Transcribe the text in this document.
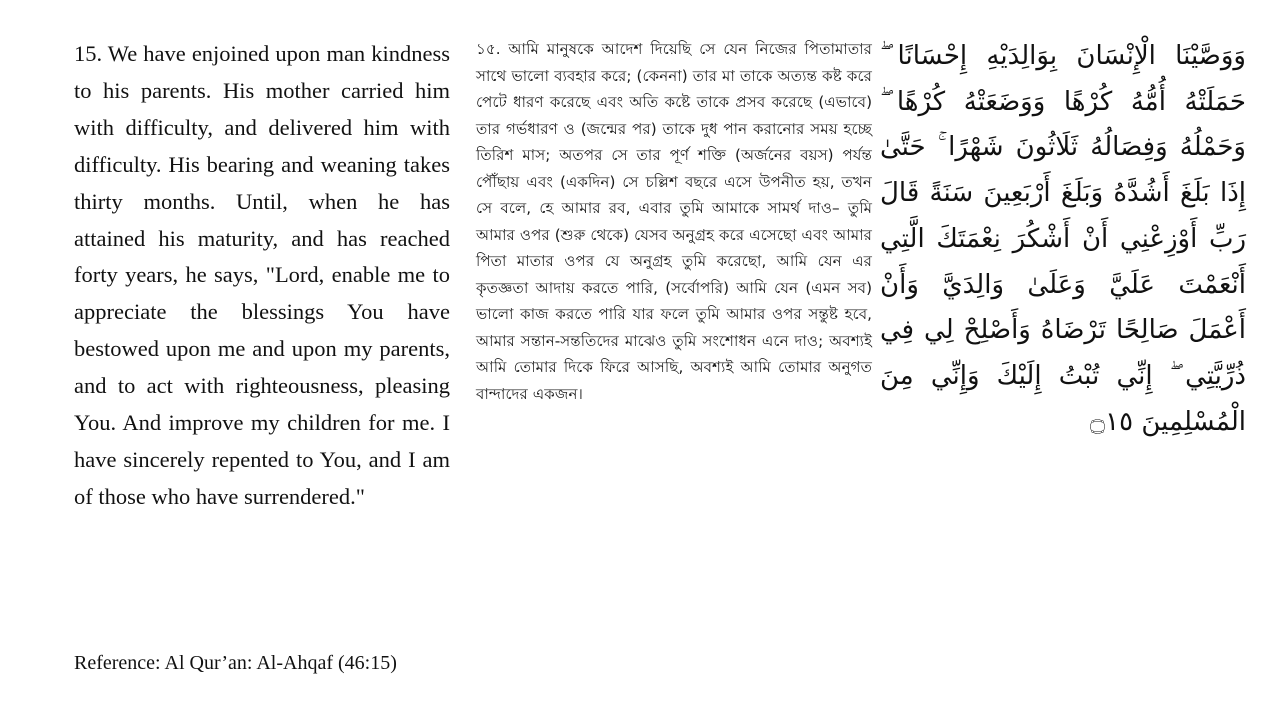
15. We have enjoined upon man kindness to his parents. His mother carried him with difficulty, and delivered him with difficulty. His bearing and weaning takes thirty months. Until, when he has attained his maturity, and has reached forty years, he says, "Lord, enable me to appreciate the blessings You have bestowed upon me and upon my parents, and to act with righteousness, pleasing You. And improve my children for me. I have sincerely repented to You, and I am of those who have surrendered."

১৫. আমি মানুষকে আদেশ দিয়েছি সে যেন নিজের পিতামাতার সাথে ভালো ব্যবহার করে; (কেননা) তার মা তাকে অত্যন্ত কষ্ট করে পেটে ধারণ করেছে এবং অতি কষ্টে তাকে প্রসব করেছে (এভাবে) তার গর্ভধারণ ও (জন্মের পর) তাকে দুধ পান করানোর সময় হচ্ছে তিরিশ মাস; অতপর সে তার পূর্ণ শক্তি (অর্জনের বয়স) পর্যন্ত পৌঁছায় এবং (একদিন) সে চল্লিশ বছরে এসে উপনীত হয়, তখন সে বলে, হে আমার রব, এবার তুমি আমাকে সামর্থ দাও– তুমি আমার ওপর (শুরু থেকে) যেসব অনুগ্রহ করে এসেছো এবং আমার পিতা মাতার ওপর যে অনুগ্রহ তুমি করেছো, আমি যেন এর কৃতজ্ঞতা আদায় করতে পারি, (সর্বোপরি) আমি যেন (এমন সব) ভালো কাজ করতে পারি যার ফলে তুমি আমার ওপর সন্তুষ্ট হবে, আমার সন্তান-সন্ততিদের মাঝেও তুমি সংশোধন এনে দাও; অবশ্যই আমি তোমার দিকে ফিরে আসছি, অবশ্যই আমি তোমার অনুগত বান্দাদের একজন।

وَوَصَّيْنَا الْإِنْسَانَ بِوَالِدَيْهِ إِحْسَانًا ۖ حَمَلَتْهُ أُمُّهُ كُرْهًا وَوَضَعَتْهُ كُرْهًا ۖ وَحَمْلُهُ وَفِصَالُهُ ثَلَاثُونَ شَهْرًا ۚ حَتَّىٰ إِذَا بَلَغَ أَشُدَّهُ وَبَلَغَ أَرْبَعِينَ سَنَةً قَالَ رَبِّ أَوْزِعْنِي أَنْ أَشْكُرَ نِعْمَتَكَ الَّتِي أَنْعَمْتَ عَلَيَّ وَعَلَىٰ وَالِدَيَّ وَأَنْ أَعْمَلَ صَالِحًا تَرْضَاهُ وَأَصْلِحْ لِي فِي ذُرِّيَّتِي ۖ إِنِّي تُبْتُ إِلَيْكَ وَإِنِّي مِنَ الْمُسْلِمِينَ ۝١٥

Reference: Al Qur’an: Al-Ahqaf (46:15)
